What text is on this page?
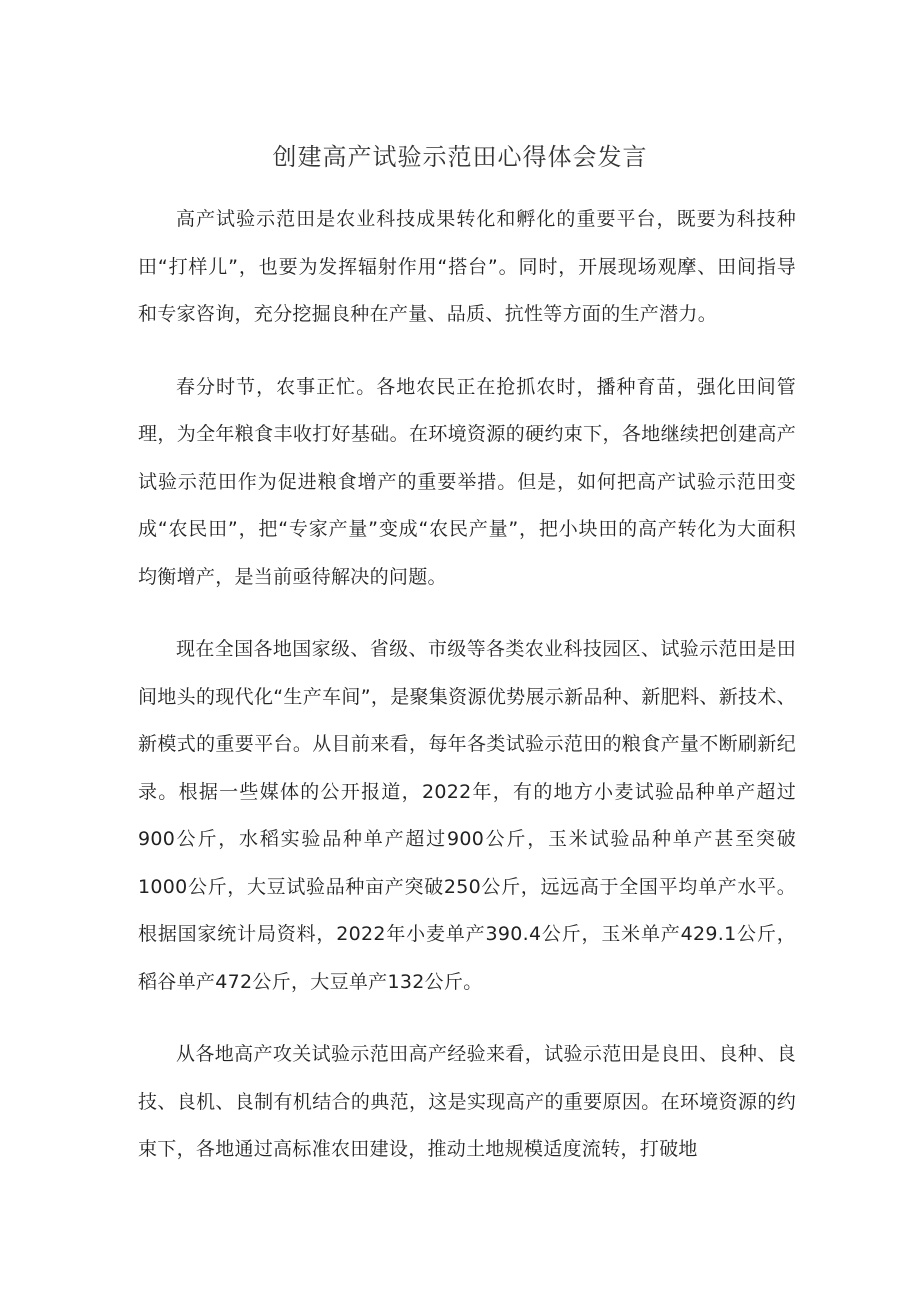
创建高产试验示范田心得体会发言

高产试验示范田是农业科技成果转化和孵化的重要平台，既要为科技种田“打样儿”，也要为发挥辐射作用“搭台”。同时，开展现场观摩、田间指导和专家咨询，充分挖掘良种在产量、品质、抗性等方面的生产潜力。

春分时节，农事正忙。各地农民正在抢抓农时，播种育苗，强化田间管理，为全年粮食丰收打好基础。在环境资源的硬约束下，各地继续把创建高产试验示范田作为促进粮食增产的重要举措。但是，如何把高产试验示范田变成“农民田”，把“专家产量”变成“农民产量”，把小块田的高产转化为大面积均衡增产，是当前亟待解决的问题。

现在全国各地国家级、省级、市级等各类农业科技园区、试验示范田是田间地头的现代化“生产车间”，是聚集资源优势展示新品种、新肥料、新技术、新模式的重要平台。从目前来看，每年各类试验示范田的粮食产量不断刷新纪录。根据一些媒体的公开报道，2022年，有的地方小麦试验品种单产超过900公斤，水稻实验品种单产超过900公斤，玉米试验品种单产甚至突破1000公斤，大豆试验品种亩产突破250公斤，远远高于全国平均单产水平。根据国家统计局资料，2022年小麦单产390.4公斤，玉米单产429.1公斤，稻谷单产472公斤，大豆单产132公斤。

从各地高产攻关试验示范田高产经验来看，试验示范田是良田、良种、良技、良机、良制有机结合的典范，这是实现高产的重要原因。在环境资源的约束下，各地通过高标准农田建设，推动土地规模适度流转，打破地
